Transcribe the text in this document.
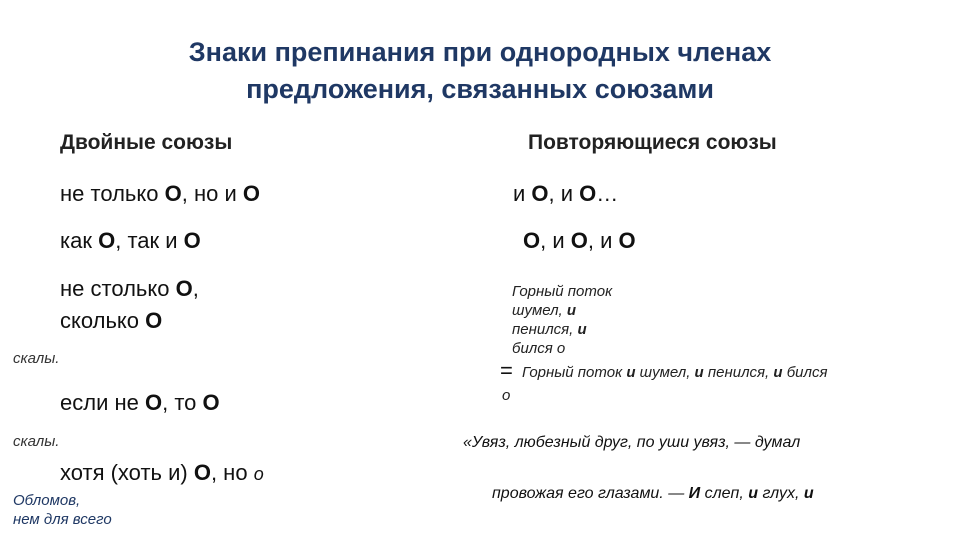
Знаки препинания при однородных членах
предложения, связанных союзами
Двойные союзы
не только О, но и О
как О, так и О
не столько О,
сколько О
скалы.
если не О, то О
скалы.
хотя (хоть и) О, но о
Обломов,
нем для всего
Повторяющиеся союзы
и О, и О…
О, и О, и О
Горный поток
шумел, и
пенился, и
бился о
= Горный поток и шумел, и пенился, и бился
о
«Увяз, любезный друг, по уши увяз, — думал
провожая его глазами. — И слеп, и глух, и
